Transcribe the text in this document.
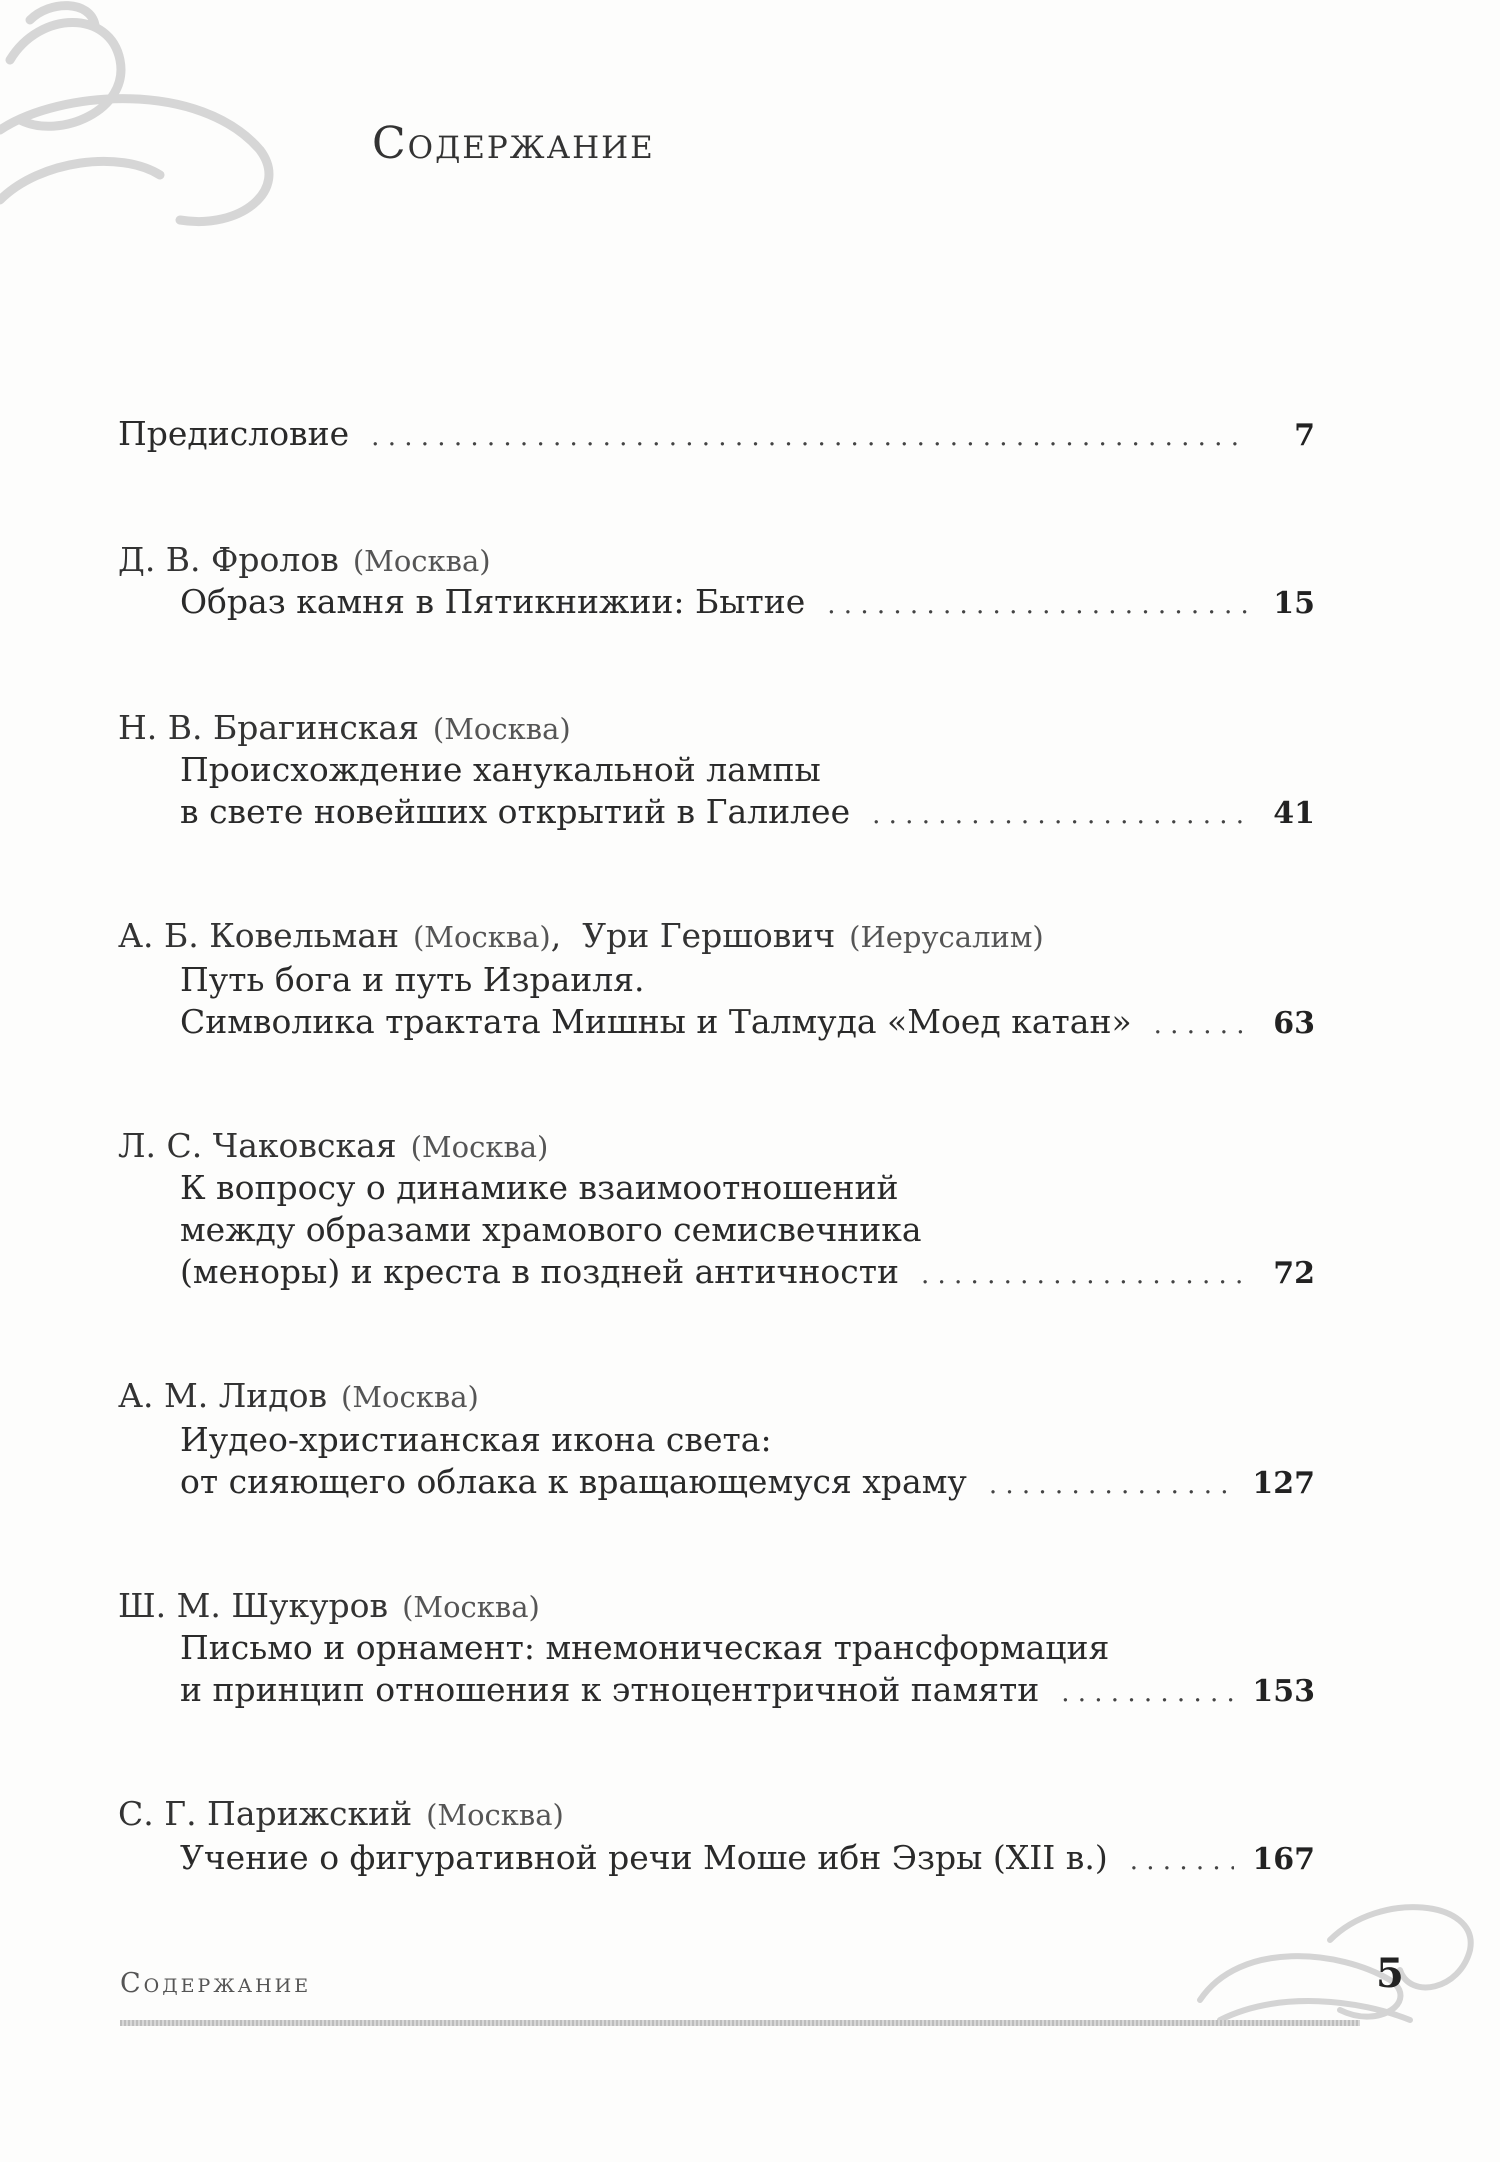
Содержание
Предисловие . . .	7
Д. В. Фролов (Москва)
Образ камня в Пятикнижии: Бытие . . .	15
Н. В. Брагинская (Москва)
Происхождение ханукальной лампы
в свете новейших открытий в Галилее . . .	41
А. Б. Ковельман (Москва),  Ури Гершович (Иерусалим)
Путь бога и путь Израиля.
Символика трактата Мишны и Талмуда «Моед катан» . . .	63
Л. С. Чаковская (Москва)
К вопросу о динамике взаимоотношений
между образами храмового семисвечника
(меноры) и креста в поздней античности . . .	72
А. М. Лидов (Москва)
Иудео-христианская икона света:
от сияющего облака к вращающемуся храму . . .	127
Ш. М. Шукуров (Москва)
Письмо и орнамент: мнемоническая трансформация
и принцип отношения к этноцентричной памяти . . .	153
С. Г. Парижский (Москва)
Учение о фигуративной речи Моше ибн Эзры (XII в.) . . .	167
Содержание	5
